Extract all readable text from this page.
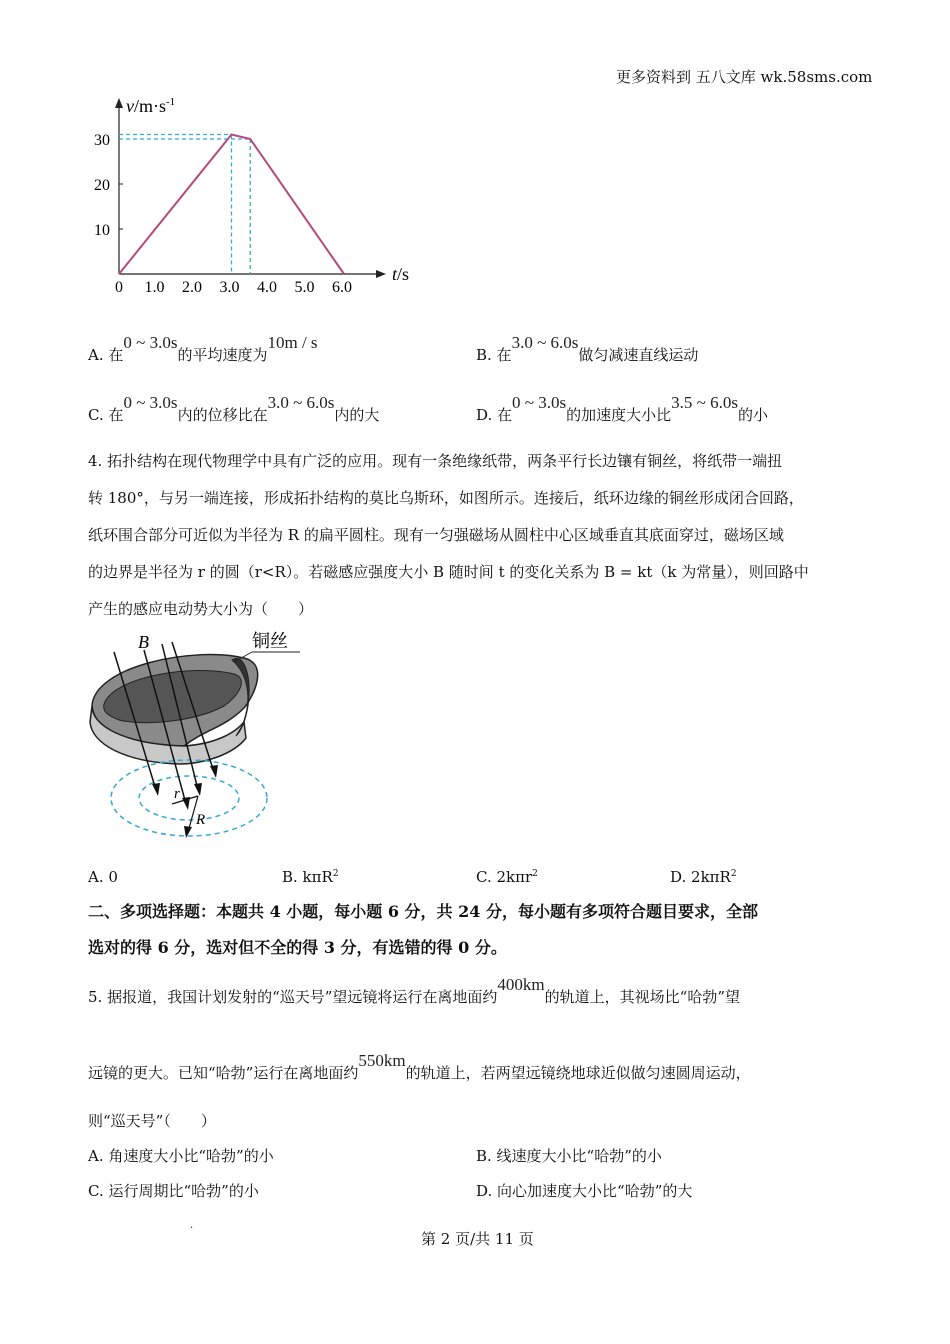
更多资料到 五八文库 wk.58sms.com
$v/m\cdot s^{-1}$
t/s
0 1.0 2.0 3.0 4.0 5.0 6.0
10
20
30
A. 在0 ~ 3.0s的平均速度为10m / s
B. 在3.0 ~ 6.0s做匀减速直线运动
C. 在0 ~ 3.0s内的位移比在3.0 ~ 6.0s内的大	D. 在0 ~ 3.0s的加速度大小比3.5 ~ 6.0s的小
4. 拓扑结构在现代物理学中具有广泛的应用。现有一条绝缘纸带，两条平行长边镶有铜丝，将纸带一端扭
转 180°，与另一端连接，形成拓扑结构的莫比乌斯环，如图所示。连接后，纸环边缘的铜丝形成闭合回路，
纸环围合部分可近似为半径为 R 的扁平圆柱。现有一匀强磁场从圆柱中心区域垂直其底面穿过，磁场区域
的边界是半径为 r 的圆（r<R）。若磁感应强度大小 B 随时间 t 的变化关系为 B = kt（k 为常量），则回路中
产生的感应电动势大小为（　　）
铜丝
B
r
R
A. 0	B. kπR$^2$	C. 2kπr$^2$	D. 2kπR$^2$
二、多项选择题：本题共 4 小题，每小题 6 分，共 24 分，每小题有多项符合题目要求，全部
选对的得 6 分，选对但不全的得 3 分，有选错的得 0 分。
5. 据报道，我国计划发射的“巡天号”望远镜将运行在离地面约400km的轨道上，其视场比“哈勃”望
远镜的更大。已知“哈勃”运行在离地面约550km的轨道上，若两望远镜绕地球近似做匀速圆周运动，
则“巡天号”（　　）
A. 角速度大小比“哈勃”的小	B. 线速度大小比“哈勃”的小
C. 运行周期比“哈勃”的小	D. 向心加速度大小比“哈勃”的大
.
第 2 页/共 11 页
